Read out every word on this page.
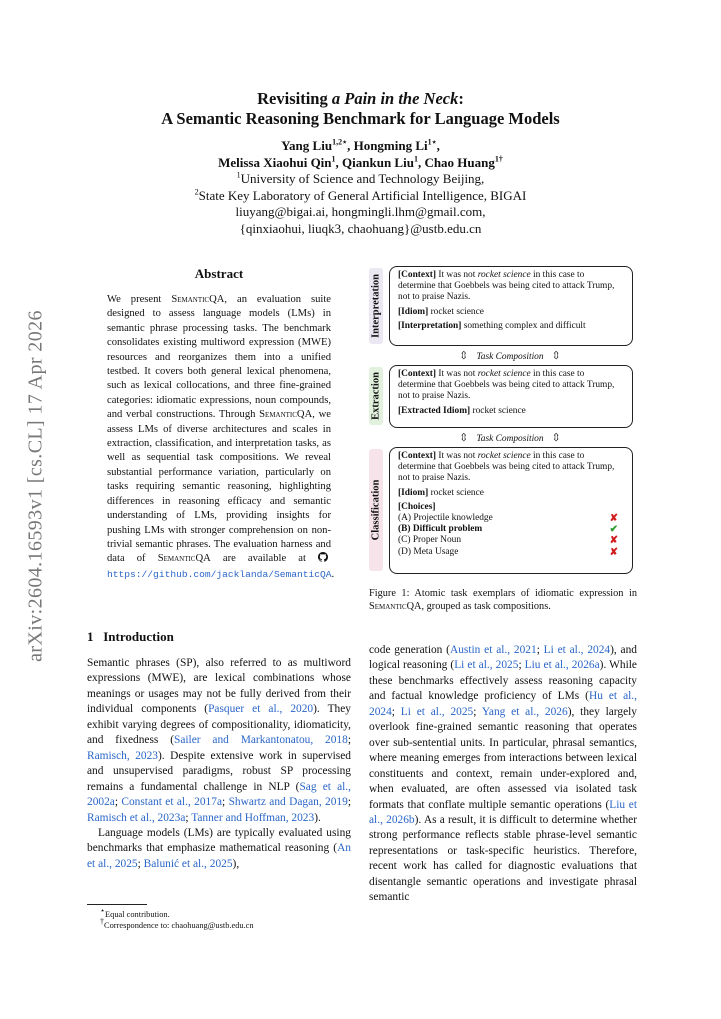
arXiv:2604.16593v1 [cs.CL] 17 Apr 2026
Revisiting a Pain in the Neck:
A Semantic Reasoning Benchmark for Language Models
Yang Liu$^{1,2⋆}$, Hongming $Li^{1⋆}$,
Melissa Xiaohui Qin$^1$, Qiankun Liu$^1$, Chao Huang$^{1\dagger}$
$^1$University of Science and Technology Beijing,
$^2$State Key Laboratory of General Artificial Intelligence, BIGAI
liuyang@bigai.ai, hongmingli.lhm@gmail.com,
{qinxiaohui, liuqk3, chaohuang}@ustb.edu.cn
Abstract
We present SemanticQA, an evaluation suite designed to assess language models (LMs) in semantic phrase processing tasks. The benchmark consolidates existing multiword expression (MWE) resources and reorganizes them into a unified testbed. It covers both general lexical phenomena, such as lexical collocations, and three fine-grained categories: idiomatic expressions, noun compounds, and verbal constructions. Through SemanticQA, we assess LMs of diverse architectures and scales in extraction, classification, and interpretation tasks, as well as sequential task compositions. We reveal substantial performance variation, particularly on tasks requiring semantic reasoning, highlighting differences in reasoning efficacy and semantic understanding of LMs, providing insights for pushing LMs with stronger comprehension on non-trivial semantic phrases. The evaluation harness and data of SemanticQA are available at https://github.com/jacklanda/SemanticQA.
1 Introduction
Semantic phrases (SP), also referred to as multiword expressions (MWE), are lexical combinations whose meanings or usages may not be fully derived from their individual components (Pasquer et al., 2020). They exhibit varying degrees of compositionality, idiomaticity, and fixedness (Sailer and Markantonatou, 2018; Ramisch, 2023). Despite extensive work in supervised and unsupervised paradigms, robust SP processing remains a fundamental challenge in NLP (Sag et al., 2002a; Constant et al., 2017a; Shwartz and Dagan, 2019; Ramisch et al., 2023a; Tanner and Hoffman, 2023).
Language models (LMs) are typically evaluated using benchmarks that emphasize mathematical reasoning (An et al., 2025; Balunić et al., 2025),
⋆Equal contribution.
†Correspondence to: chaohuang@ustb.edu.cn
code generation (Austin et al., 2021; Li et al., 2024), and logical reasoning (Li et al., 2025; Liu et al., 2026a). While these benchmarks effectively assess reasoning capacity and factual knowledge proficiency of LMs (Hu et al., 2024; Li et al., 2025; Yang et al., 2026), they largely overlook fine-grained semantic reasoning that operates over sub-sentential units. In particular, phrasal semantics, where meaning emerges from interactions between lexical constituents and context, remain under-explored and, when evaluated, are often assessed via isolated task formats that conflate multiple semantic operations (Liu et al., 2026b). As a result, it is difficult to determine whether strong performance reflects stable phrase-level semantic representations or task-specific heuristics. Therefore, recent work has called for diagnostic evaluations that disentangle semantic operations and investigate phrasal semantic
Interpretation [Context] It was not rocket science in this case to determine that Goebbels was being cited to attack Trump, not to praise Nazis.

[Idiom] rocket science

[Interpretation] something complex and difficult

⇳ Task Composition ⇳
Extraction [Context] It was not rocket science in this case to determine that Goebbels was being cited to attack Trump, not to praise Nazis.

[Extracted Idiom] rocket science

⇳ Task Composition ⇳
Classification

[Context] It was not rocket science in this case to determine that Goebbels was being cited to attack Trump, not to praise Nazis.

[Idiom] rocket science

[Choices]

(A) Projectile knowledge	✘
(B) Difficult problem	✔
(C) Proper Noun	✘
(D) Meta Usage	✘
Figure 1: Atomic task exemplars of idiomatic expression in SemanticQA, grouped as task compositions.
